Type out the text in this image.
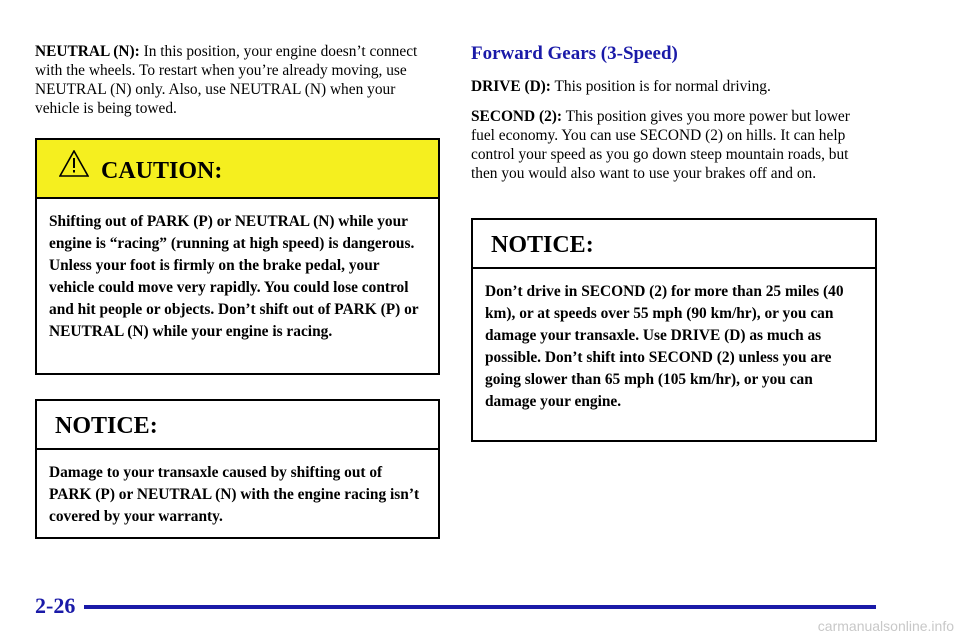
NEUTRAL (N): In this position, your engine doesn’t connect with the wheels. To restart when you’re already moving, use NEUTRAL (N) only. Also, use NEUTRAL (N) when your vehicle is being towed.

CAUTION:

Shifting out of PARK (P) or NEUTRAL (N) while your engine is “racing” (running at high speed) is dangerous. Unless your foot is firmly on the brake pedal, your vehicle could move very rapidly. You could lose control and hit people or objects. Don’t shift out of PARK (P) or NEUTRAL (N) while your engine is racing.

NOTICE:

Damage to your transaxle caused by shifting out of PARK (P) or NEUTRAL (N) with the engine racing isn’t covered by your warranty.

Forward Gears (3-Speed)

DRIVE (D): This position is for normal driving.

SECOND (2): This position gives you more power but lower fuel economy. You can use SECOND (2) on hills. It can help control your speed as you go down steep mountain roads, but then you would also want to use your brakes off and on.

NOTICE:

Don’t drive in SECOND (2) for more than 25 miles (40 km), or at speeds over 55 mph (90 km/hr), or you can damage your transaxle. Use DRIVE (D) as much as possible. Don’t shift into SECOND (2) unless you are going slower than 65 mph (105 km/hr), or you can damage your engine.

2-26
carmanualsonline.info
